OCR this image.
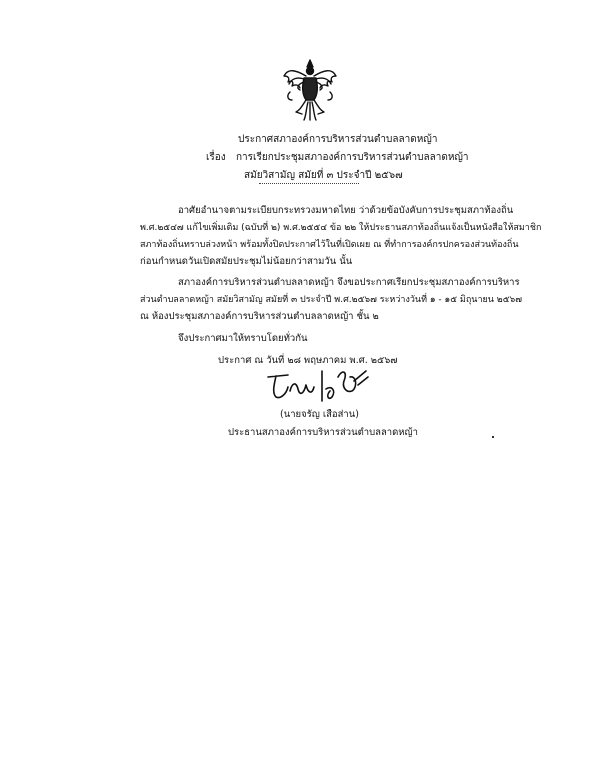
ประกาศสภาองค์การบริหารส่วนตำบลลาดหญ้า
เรื่อง การเรียกประชุมสภาองค์การบริหารส่วนตำบลลาดหญ้า
สมัยวิสามัญ สมัยที่ ๓ ประจำปี ๒๕๖๗
อาศัยอำนาจตามระเบียบกระทรวงมหาดไทย ว่าด้วยข้อบังคับการประชุมสภาท้องถิ่น
พ.ศ.๒๕๔๗ แก้ไขเพิ่มเติม (ฉบับที่ ๒) พ.ศ.๒๕๕๔ ข้อ ๒๒ ให้ประธานสภาท้องถิ่นแจ้งเป็นหนังสือให้สมาชิก
สภาท้องถิ่นทราบล่วงหน้า พร้อมทั้งปิดประกาศไว้ในที่เปิดเผย ณ ที่ทำการองค์กรปกครองส่วนท้องถิ่น
ก่อนกำหนดวันเปิดสมัยประชุมไม่น้อยกว่าสามวัน นั้น
สภาองค์การบริหารส่วนตำบลลาดหญ้า จึงขอประกาศเรียกประชุมสภาองค์การบริหาร
ส่วนตำบลลาดหญ้า สมัยวิสามัญ สมัยที่ ๓ ประจำปี พ.ศ.๒๕๖๗ ระหว่างวันที่ ๑ - ๑๕ มิถุนายน ๒๕๖๗
ณ ห้องประชุมสภาองค์การบริหารส่วนตำบลลาดหญ้า ชั้น ๒
จึงประกาศมาให้ทราบโดยทั่วกัน
ประกาศ ณ วันที่ ๒๘ พฤษภาคม พ.ศ. ๒๕๖๗
(นายจรัญ เสือส่าน)
ประธานสภาองค์การบริหารส่วนตำบลลาดหญ้า
